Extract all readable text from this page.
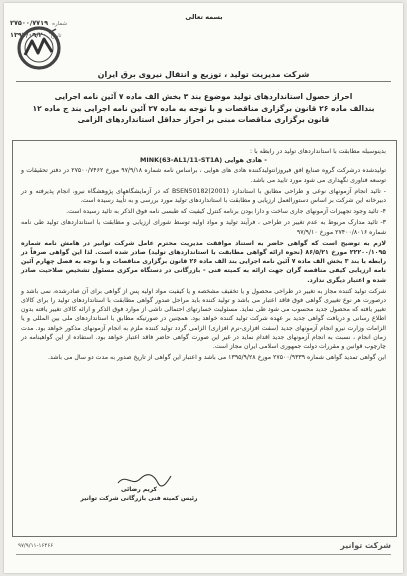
بسمه تعالی
۲۷۵۰۰/۷۷۱۹ شماره
۱۳۹۷/۰۹/۲۰ تاریخ
شرکت مدیریت تولید ، توزیع و انتقال نیروی برق ایران
احراز حصول استانداردهای تولید موضوع بند ۳ بخش الف ماده ۷ آئین نامه اجرایی
بندالف ماده ۲۶ قانون برگزاری مناقصات و با توجه به ماده ۲۷ آئین نامه اجرایی بند ج ماده ۱۲
قانون برگزاری مناقصات مبنی بر احراز حداقل استانداردهای الزامی

بدینوسیله مطابقت با استانداردهای تولید در رابطه با :

- هادی هوایی MINK(63-AL1/11-ST1A)

تولیدشده درشرکت گروه صنایع افق فیروزانتولیدکننده هادی های هوایی ، براساس نامه شماره ۹۷/۹/۱۸ مورخ ۲۷۵۰۰/۷۴۶۲ در دفتر تحقیقات و توسعه فناوری نگهداری می شود مورد تایید می باشد.

- تائید انجام آزمونهای نوعی و طراحی مطابق با استاندارد BSEN50182(2001) که در آزمایشگاههای پژوهشگاه نیرو، انجام پذیرفته و در دبیرخانه این شرکت بر اساس دستورالعمل ارزیابی و مطابقت با استانداردهای تولید مورد بررسی و به تأیید رسیده است.

۴- تائید وجود تجهیزات آزمونهای جاری ساخت و دارا بودن برنامه کنترل کیفیت که طبسی نامه فوق الذکر به تائید رسیده است.

۳- تائید مدارک مربوط به عدم تغییر در طراحی ، فرآیند تولید و مواد اولیه توسط شورای ارزیابی و مطابقت با استانداردهای تولید طی نامه شماره ۲۷۴۰۰/۸۰۱۶ مورخ ۹۷/۹/۱۰

لازم به توضیح است که گواهی حاضر به استناد موافقت مدیریت محترم عامل شرکت توانیر در هامش نامه شماره ۲۲۲۰۰/۱۰۹۵ مورخ ۸۶/۵/۲۱ (نحوه ارائه گواهی مطابقت با استانداردهای تولید) صادر شده است. لذا این گواهی صرفاً در رابطه با بند ۳ بخش الف ماده ۷ آئین نامه اجرایی بند الف ماده ۲۶ قانون برگزاری مناقصات و با توجه به فصل چهارم آئین نامه ارزیابی کیفی مناقصه گران جهت ارائه به کمیته فنی - بازرگانی در دستگاه مرکزی مسئول تشخیص صلاحیت صادر شده و اعتبار دیگری ندارد.

شرکت تولید کننده مجاز به تغییر در طراحی محصول و یا تخفیف مشخصه و یا کیفیت مواد اولیه پس از گواهی برای آن صادرشده، نمی باشد و درصورت هر نوع تغییری گواهی فوق فاقد اعتبار می باشد و تولید کننده باید مراحل صدور گواهی مطابقت با استانداردهای تولید را برای کالای تغییر یافته که محصول جدید محسوب می شود طی نماید. مسئولیت خسارتهای احتمالی ناشی از موارد فوق الذکر و ارائه کالای تغییر یافته بدون اطلاع رسانی و دریافت گواهی جدید بر عهده شرکت تولید کننده خواهد بود. همچنین در صورتیکه مطابق با استانداردهای ملی بین المللی و یا الزامات وزارت نیرو انجام آزمونهای جدید (سفت افزاری-نرم افزاری) الزامی گردد تولید کننده ملزم به انجام آزمونهای مذکور خواهد بود. مدت زمان انجام ، نسبت به انجام آزمونهای جدید اقدام نماید در غیر این صورت گواهی حاضر فاقد اعتبار خواهد بود. استفاده از این گواهینامه در چارچوب قوانین و مقررات دولت جمهوری اسلامی ایران مجاز است.

این گواهی تمدید گواهی شماره ۲۷۵۰۰/۹۳۳۹ مورخ ۱۳۹۵/۹/۲۸ می باشد و اعتبار این گواهی از تاریخ صدور به مدت دو سال می باشد.

کریم رضائی
رئیس کمیته فنی بازرگانی شرکت توانیر
شرکت توانیر
۹۷/۹/۱۱-۱۶۴۶۶
